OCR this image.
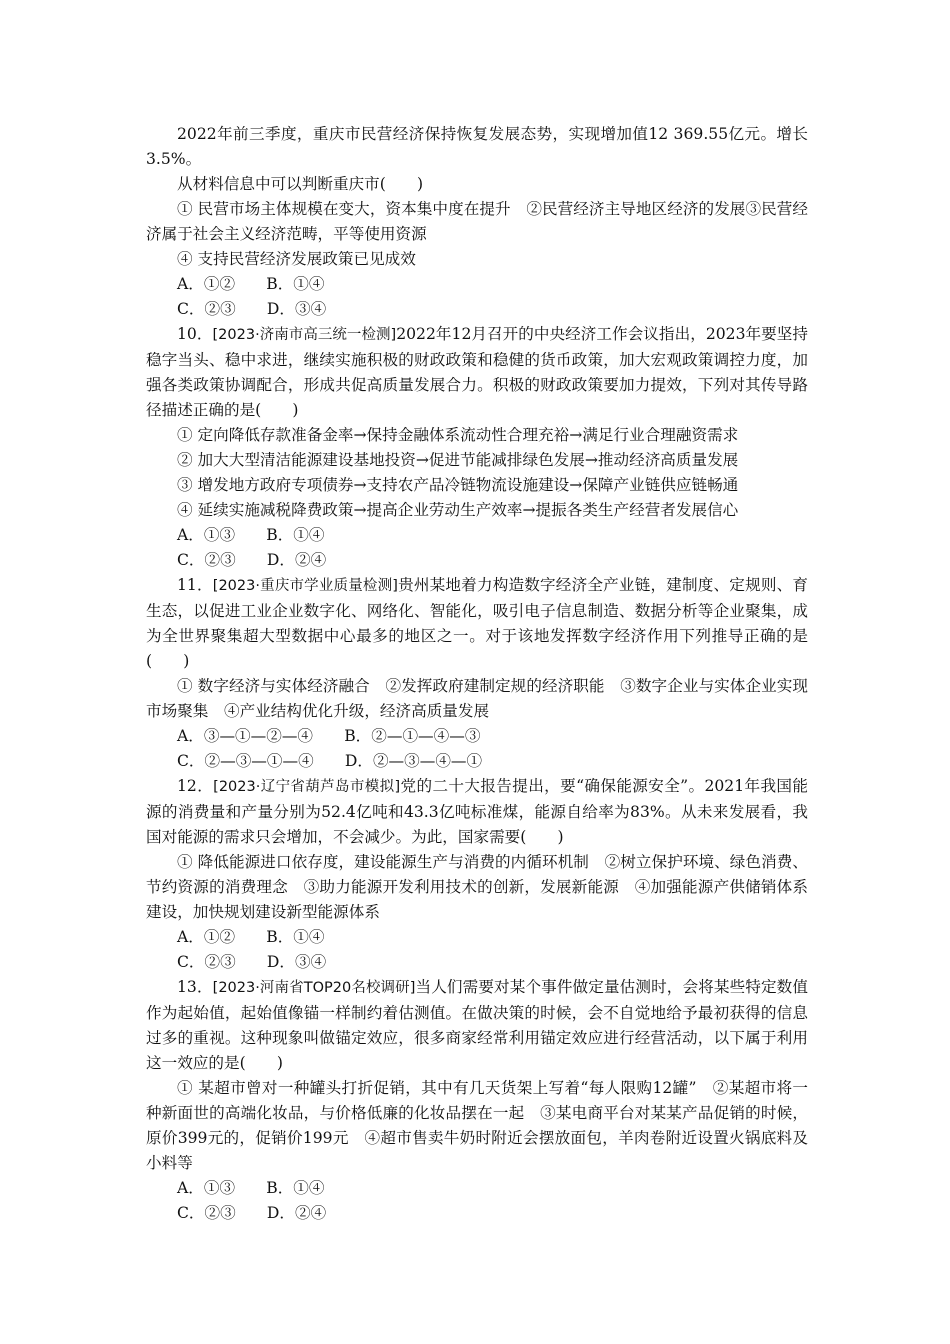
2022年前三季度，重庆市民营经济保持恢复发展态势，实现增加值12 369.55亿元。增长3.5%。

从材料信息中可以判断重庆市(　　)

① 民营市场主体规模在变大，资本集中度在提升　②民营经济主导地区经济的发展③民营经济属于社会主义经济范畴，平等使用资源

④ 支持民营经济发展政策已见成效

A．①②　　B．①④

C．②③　　D．③④

10．[2023·济南市高三统一检测]2022年12月召开的中央经济工作会议指出，2023年要坚持稳字当头、稳中求进，继续实施积极的财政政策和稳健的货币政策，加大宏观政策调控力度，加强各类政策协调配合，形成共促高质量发展合力。积极的财政政策要加力提效，下列对其传导路径描述正确的是(　　)

① 定向降低存款准备金率→保持金融体系流动性合理充裕→满足行业合理融资需求

② 加大大型清洁能源建设基地投资→促进节能减排绿色发展→推动经济高质量发展

③ 增发地方政府专项债券→支持农产品冷链物流设施建设→保障产业链供应链畅通

④ 延续实施减税降费政策→提高企业劳动生产效率→提振各类生产经营者发展信心

A．①③　　B．①④

C．②③　　D．②④

11．[2023·重庆市学业质量检测]贵州某地着力构造数字经济全产业链，建制度、定规则、育生态，以促进工业企业数字化、网络化、智能化，吸引电子信息制造、数据分析等企业聚集，成为全世界聚集超大型数据中心最多的地区之一。对于该地发挥数字经济作用下列推导正确的是(　　)

① 数字经济与实体经济融合　②发挥政府建制定规的经济职能　③数字企业与实体企业实现市场聚集　④产业结构优化升级，经济高质量发展

A．③—①—②—④　　B．②—①—④—③

C．②—③—①—④　　D．②—③—④—①

12．[2023·辽宁省葫芦岛市模拟]党的二十大报告提出，要“确保能源安全”。2021年我国能源的消费量和产量分别为52.4亿吨和43.3亿吨标准煤，能源自给率为83%。从未来发展看，我国对能源的需求只会增加，不会减少。为此，国家需要(　　)

① 降低能源进口依存度，建设能源生产与消费的内循环机制　②树立保护环境、绿色消费、节约资源的消费理念　③助力能源开发利用技术的创新，发展新能源　④加强能源产供储销体系建设，加快规划建设新型能源体系

A．①②　　B．①④

C．②③　　D．③④

13．[2023·河南省TOP20名校调研]当人们需要对某个事件做定量估测时，会将某些特定数值作为起始值，起始值像锚一样制约着估测值。在做决策的时候，会不自觉地给予最初获得的信息过多的重视。这种现象叫做锚定效应，很多商家经常利用锚定效应进行经营活动，以下属于利用这一效应的是(　　)

① 某超市曾对一种罐头打折促销，其中有几天货架上写着“每人限购12罐”　②某超市将一种新面世的高端化妆品，与价格低廉的化妆品摆在一起　③某电商平台对某某产品促销的时候，原价399元的，促销价199元　④超市售卖牛奶时附近会摆放面包，羊肉卷附近设置火锅底料及小料等

A．①③　　B．①④

C．②③　　D．②④
